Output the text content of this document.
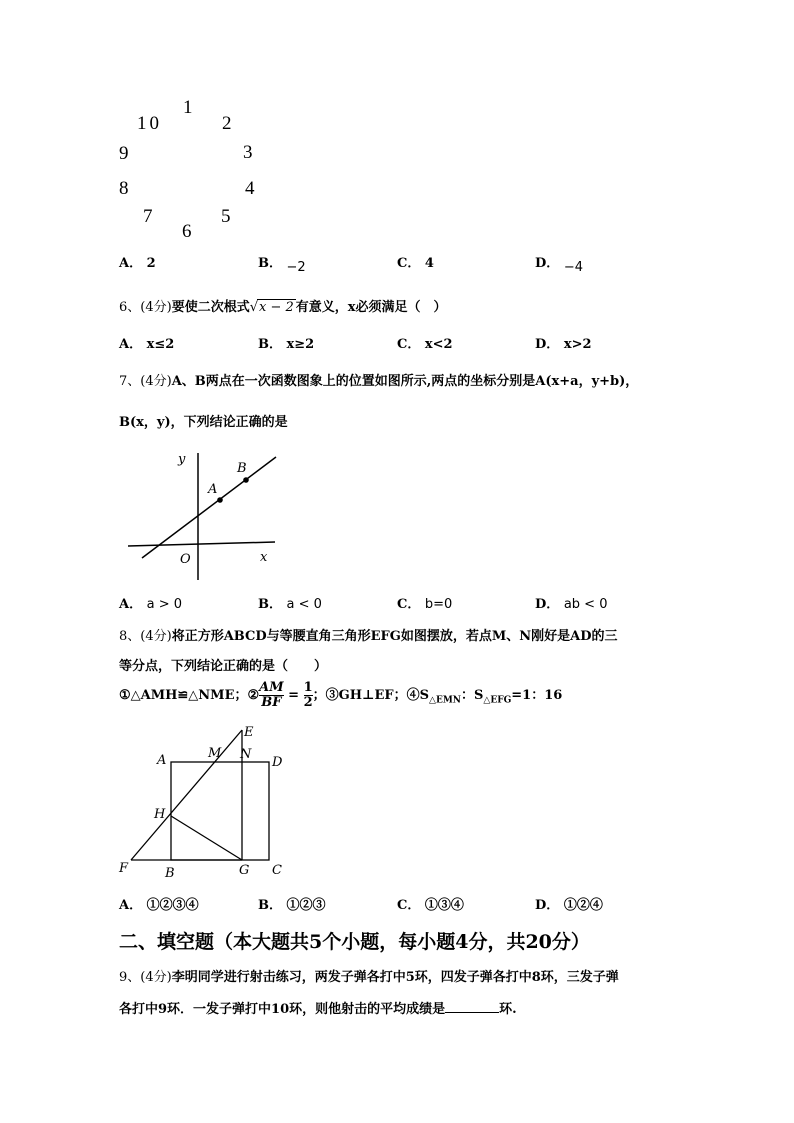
1
2
3
4
5
6
7
8
9
10
A． 2	B． −2	C． 4	D． −4
6、(4分)要使二次根式√x − 2 有意义，x必须满足（　）
A． x≤2	B． x≥2	C． x<2	D． x>2
7、(4分)A、B两点在一次函数图象上的位置如图所示,两点的坐标分别是A(x+a，y+b)，
B(x，y)，下列结论正确的是
y
x
O
A
B
A． a > 0	B． a < 0	C． b=0	D． ab < 0
8、(4分)将正方形ABCD与等腰直角三角形EFG如图摆放，若点M、N刚好是AD的三
等分点，下列结论正确的是（　　）
①△AMH≌△NME；② $\frac{AM}{BF} = \frac{1}{2}$ ；③GH⊥EF；$④S_{\triangle EMN}$：$S_{\triangle EFG}=1$：16
A	M N
D
E
H
F	B	G C
A． ①②③④	B． ①②③	C． ①③④	D． ①②④
二、填空题（本大题共5个小题，每小题4分，共20分）
9、(4分)李明同学进行射击练习，两发子弹各打中5环，四发子弹各打中8环，三发子弹
各打中9环．一发子弹打中10环，则他射击的平均成绩是	环.
